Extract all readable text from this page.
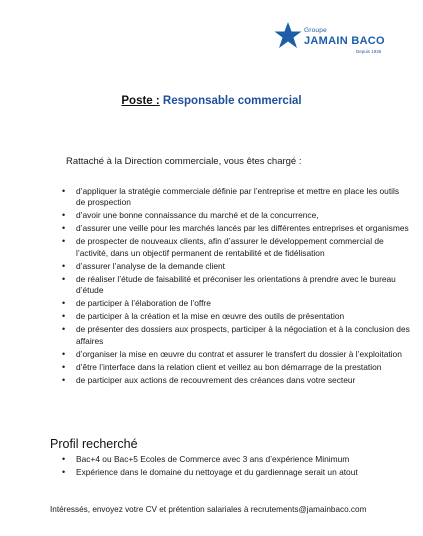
Groupe
JAMAIN BACO
Depuis 1936
Poste : Responsable commercial
Rattaché à la Direction commerciale, vous êtes chargé :
• d’appliquer la stratégie commerciale définie par l’entreprise et mettre en place les outils de prospection
• d’avoir une bonne connaissance du marché et de la concurrence,
• d’assurer une veille pour les marchés lancés par les différentes entreprises et organismes
• de prospecter de nouveaux clients, afin d’assurer le développement commercial de l’activité, dans un objectif permanent de rentabilité et de fidélisation
• d’assurer l’analyse de la demande client
• de réaliser l’étude de faisabilité et préconiser les orientations à prendre avec le bureau d’étude
• de participer à l’élaboration de l’offre
• de participer à la création et la mise en œuvre des outils de présentation
• de présenter des dossiers aux prospects, participer à la négociation et à la conclusion des affaires
• d’organiser la mise en œuvre du contrat et assurer le transfert du dossier à l’exploitation
• d’être l’interface dans la relation client et veillez au bon démarrage de la prestation
• de participer aux actions de recouvrement des créances dans votre secteur
Profil recherché
• Bac+4 ou Bac+5 Ecoles de Commerce avec 3 ans d’expérience Minimum
• Expérience dans le domaine du nettoyage et du gardiennage serait un atout
Intéressés, envoyez votre CV et prétention salariales à recrutements@jamainbaco.com
